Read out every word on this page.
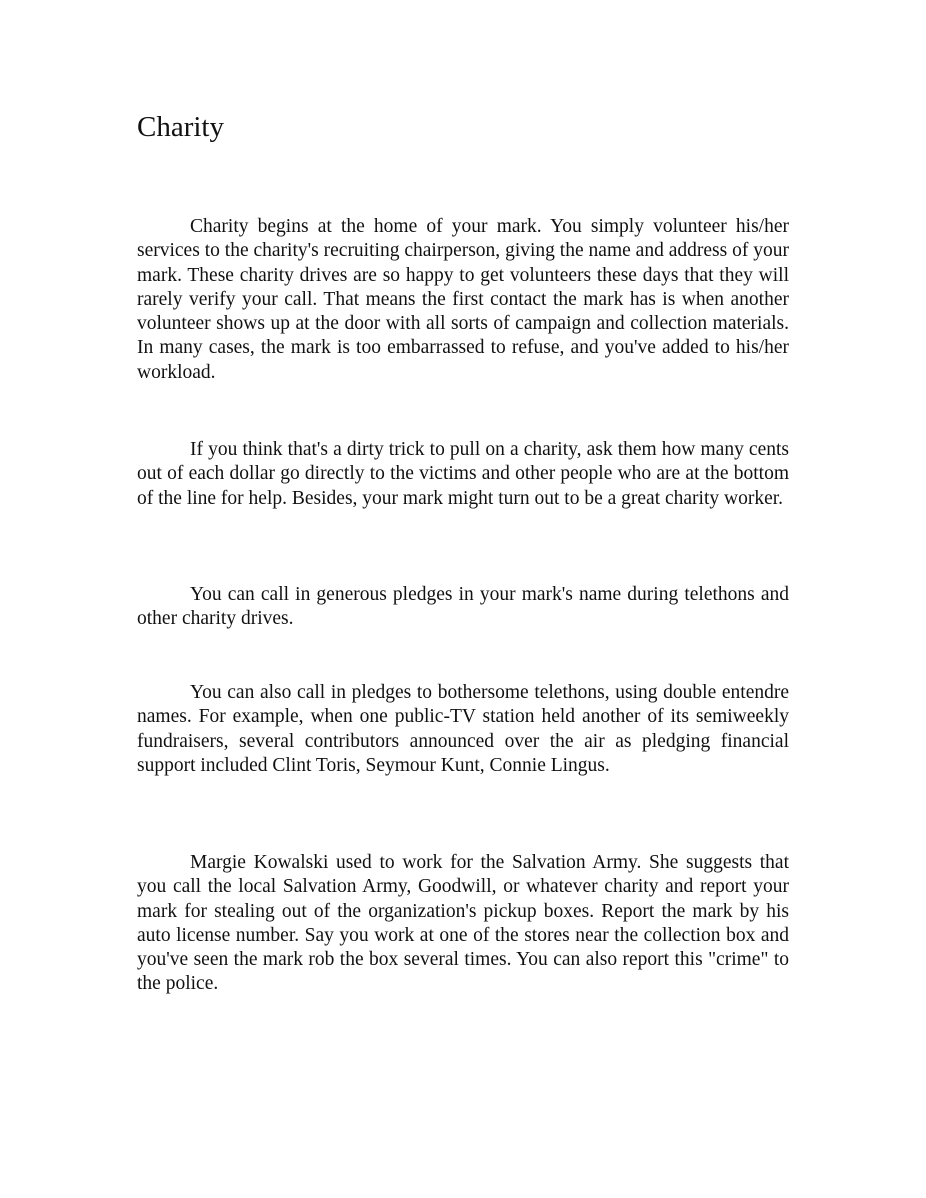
Charity

Charity begins at the home of your mark. You simply volunteer his/her services to the charity's recruiting chairperson, giving the name and address of your mark. These charity drives are so happy to get volunteers these days that they will rarely verify your call. That means the first contact the mark has is when another volunteer shows up at the door with all sorts of campaign and collection materials. In many cases, the mark is too embarrassed to refuse, and you've added to his/her workload.

If you think that's a dirty trick to pull on a charity, ask them how many cents out of each dollar go directly to the victims and other people who are at the bottom of the line for help. Besides, your mark might turn out to be a great charity worker.

You can call in generous pledges in your mark's name during telethons and other charity drives.

You can also call in pledges to bothersome telethons, using double entendre names. For example, when one public-TV station held another of its semiweekly fundraisers, several contributors announced over the air as pledging financial support included Clint Toris, Seymour Kunt, Connie Lingus.

Margie Kowalski used to work for the Salvation Army. She suggests that you call the local Salvation Army, Goodwill, or whatever charity and report your mark for stealing out of the organization's pickup boxes. Report the mark by his auto license number. Say you work at one of the stores near the collection box and you've seen the mark rob the box several times. You can also report this "crime" to the police.
